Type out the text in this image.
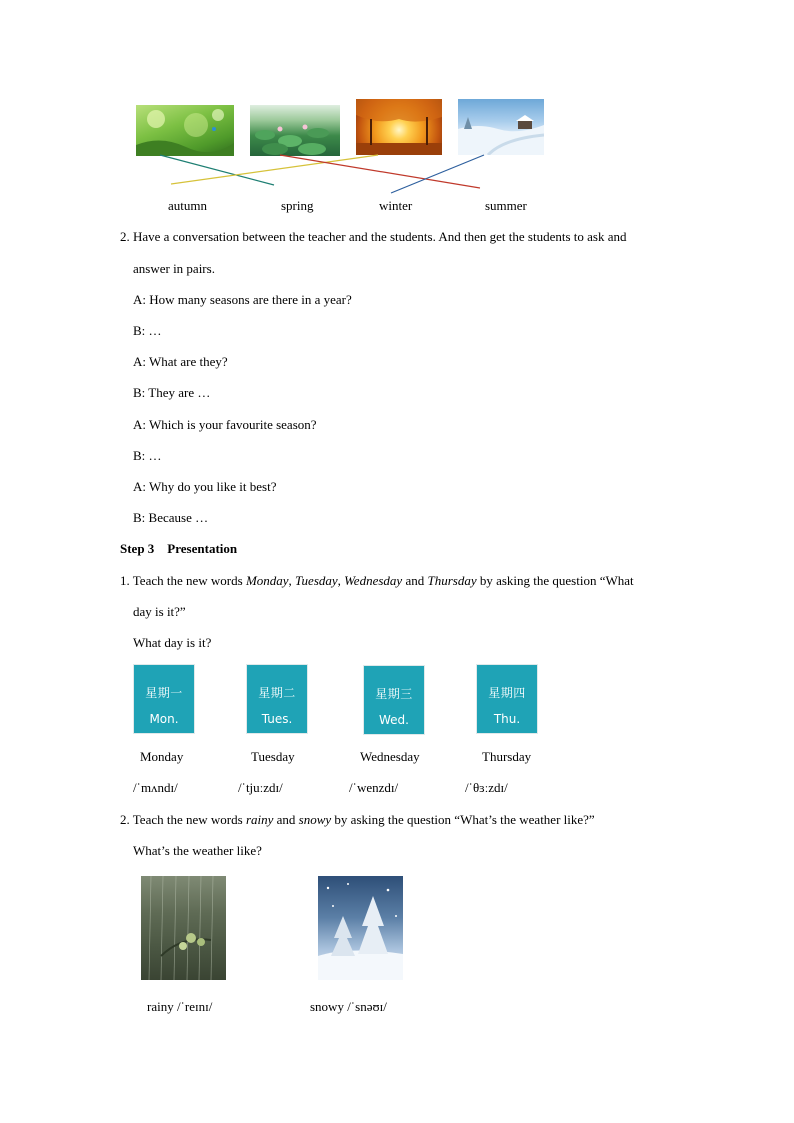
autumn	spring	winter	summer
2. Have a conversation between the teacher and the students. And then get the students to ask and
answer in pairs.
A: How many seasons are there in a year?
B: …
A: What are they?
B: They are …
A: Which is your favourite season?
B: …
A: Why do you like it best?
B: Because …
Step 3    Presentation
1. Teach the new words Monday, Tuesday, Wednesday and Thursday by asking the question “What
day is it?”
What day is it?
星期一
Mon.
星期二
Tues.
星期三
Wed.
星期四
Thu.
Monday	Tuesday	Wednesday	Thursday
/ˈmʌndɪ/	/ˈtjuːzdɪ/	/ˈwenzdɪ/	/ˈθɜːzdɪ/
2. Teach the new words rainy and snowy by asking the question “What’s the weather like?”
What’s the weather like?
rainy /ˈreɪnɪ/	snowy /ˈsnəʊɪ/
